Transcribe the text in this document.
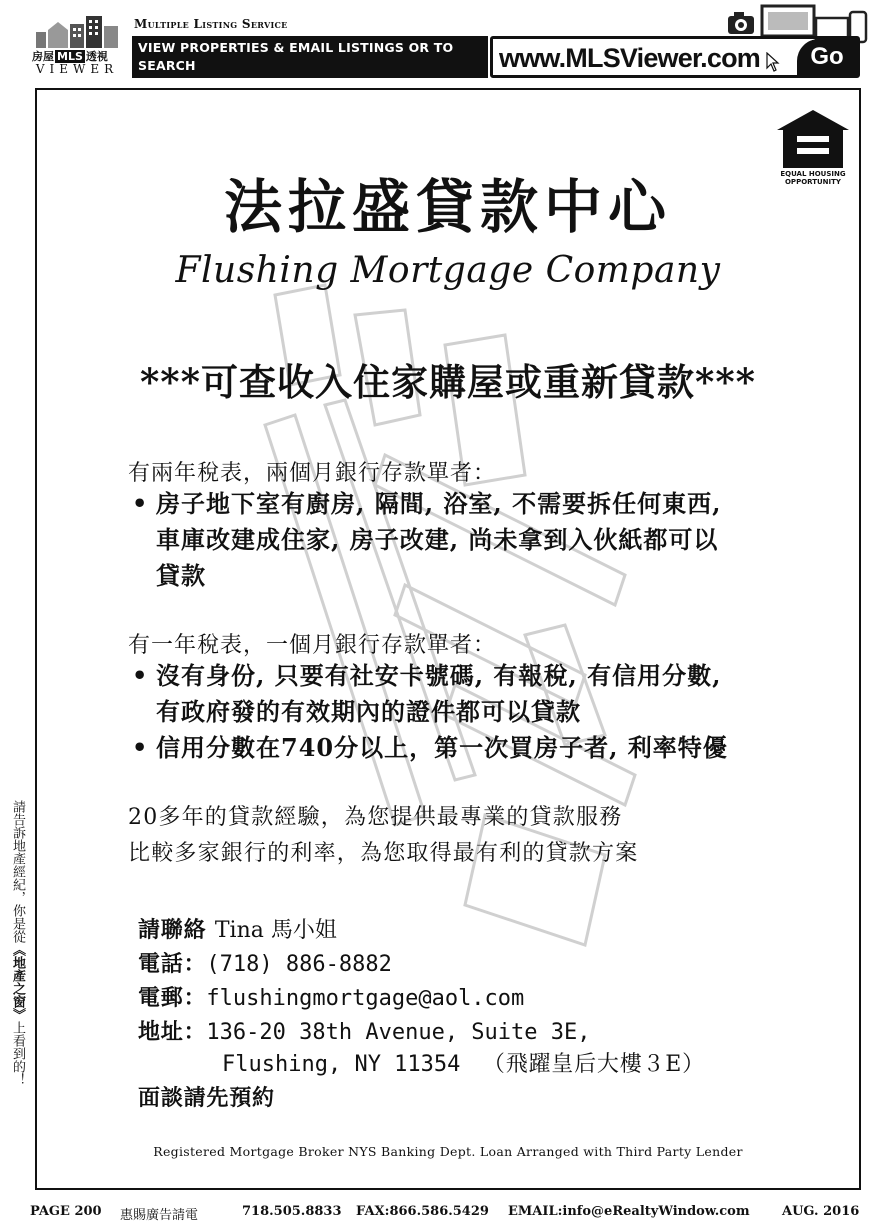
房屋 MLS 透視
VIEWER
Multiple Listing Service
VIEW PROPERTIES & EMAIL LISTINGS OR TO SEARCH
ANY SERVICE PROVIDERS 24/7 A DAY, 365 DAYS
www.MLSViewer.com	Go
EQUAL HOUSING OPPORTUNITY
法拉盛貸款中心
Flushing Mortgage Company
***可查收入住家購屋或重新貸款***
有兩年稅表，兩個月銀行存款單者：
• 房子地下室有廚房, 隔間, 浴室, 不需要拆任何東西,
車庫改建成住家, 房子改建, 尚未拿到入伙紙都可以
貸款
有一年稅表，一個月銀行存款單者：
• 沒有身份, 只要有社安卡號碼, 有報稅, 有信用分數,
有政府發的有效期內的證件都可以貸款
• 信用分數在740分以上，第一次買房子者, 利率特優
20多年的貸款經驗，為您提供最專業的貸款服務
比較多家銀行的利率，為您取得最有利的貸款方案
請聯絡 Tina 馬小姐
電話：(718) 886-8882
電郵：flushingmortgage@aol.com
地址：136-20 38th Avenue, Suite 3E,
Flushing, NY 11354 （飛躍皇后大樓３E）
面談請先預約
Registered Mortgage Broker NYS Banking Dept. Loan Arranged with Third Party Lender
請告訴地產經紀，你是從《地產之窗》上看到的！
PAGE 200 惠賜廣告請電	718.505.8833 FAX:866.586.5429 EMAIL:info@eRealtyWindow.com AUG. 2016
